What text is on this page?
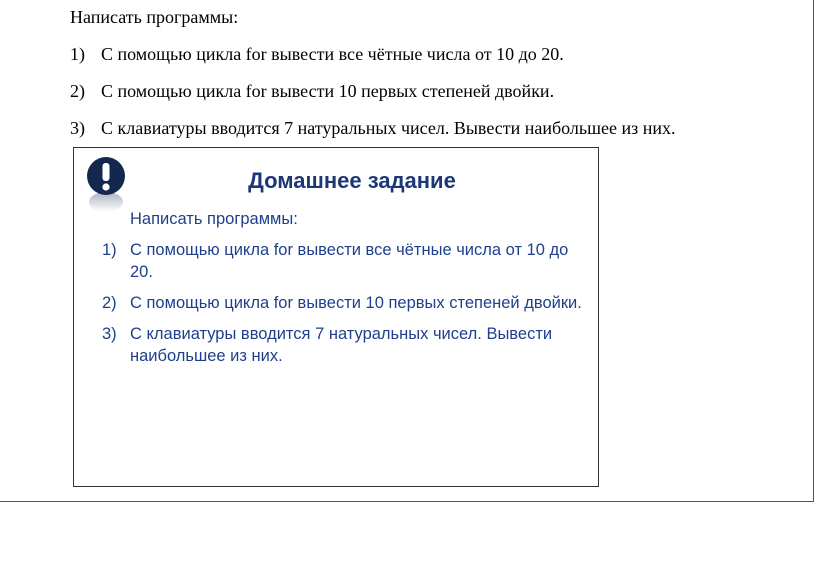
Написать программы:

1) С помощью цикла for вывести все чётные числа от 10 до 20.
2) С помощью цикла for вывести 10 первых степеней двойки.
3) С клавиатуры вводится 7 натуральных чисел. Вывести наибольшее из них.
Домашнее задание

Написать программы:

1) С помощью цикла for вывести все чётные числа от 10 до 20.
2) С помощью цикла for вывести 10 первых степеней двойки.
3) С клавиатуры вводится 7 натуральных чисел. Вывести наибольшее из них.
